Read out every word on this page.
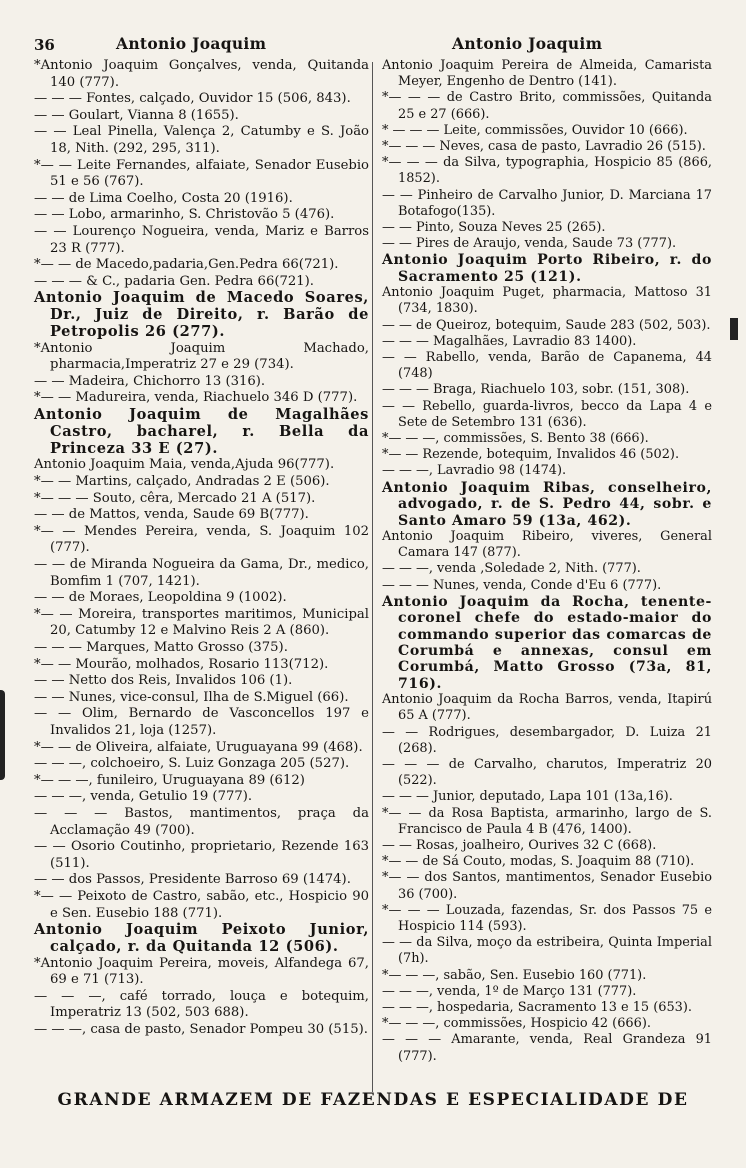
36	Antonio Joaquim	Antonio Joaquim

*Antonio Joaquim Gonçalves, venda, Quitanda 140 (777).

— — — Fontes, calçado, Ouvidor 15 (506, 843).

— — Goulart, Vianna 8 (1655).

— — Leal Pinella, Valença 2, Catumby e S. João 18, Nith. (292, 295, 311).

*— — Leite Fernandes, alfaiate, Senador Eusebio 51 e 56 (767).

— — de Lima Coelho, Costa 20 (1916).

— — Lobo, armarinho, S. Christovão 5 (476).

— — Lourenço Nogueira, venda, Mariz e Barros 23 R (777).

*— — de Macedo,padaria,Gen.Pedra 66(721).

— — — & C., padaria Gen. Pedra 66(721).

Antonio Joaquim de Macedo Soares, Dr., Juiz de Direito, r. Barão de Petropolis 26 (277).

*Antonio Joaquim Machado, pharmacia,Imperatriz 27 e 29 (734).

— — Madeira, Chichorro 13 (316).

*— — Madureira, venda, Riachuelo 346 D (777).

Antonio Joaquim de Magalhães Castro, bacharel, r. Bella da Princeza 33 E (27).

Antonio Joaquim Maia, venda,Ajuda 96(777).

*— — Martins, calçado, Andradas 2 E (506).

*— — — Souto, cêra, Mercado 21 A (517).

— — de Mattos, venda, Saude 69 B(777).

*— — Mendes Pereira, venda, S. Joaquim 102 (777).

— — de Miranda Nogueira da Gama, Dr., medico, Bomfim 1 (707, 1421).

— — de Moraes, Leopoldina 9 (1002).

*— — Moreira, transportes maritimos, Municipal 20, Catumby 12 e Malvino Reis 2 A (860).

— — — Marques, Matto Grosso (375).

*— — Mourão, molhados, Rosario 113(712).

— — Netto dos Reis, Invalidos 106 (1).

— — Nunes, vice-consul, Ilha de S.Miguel (66).

— — Olim, Bernardo de Vasconcellos 197 e Invalidos 21, loja (1257).

*— — de Oliveira, alfaiate, Uruguayana 99 (468).

— — —, colchoeiro, S. Luiz Gonzaga 205 (527).

*— — —, funileiro, Uruguayana 89 (612)

— — —, venda, Getulio 19 (777).

— — — Bastos, mantimentos, praça da Acclamação 49 (700).

— — Osorio Coutinho, proprietario, Rezende 163 (511).

— — dos Passos, Presidente Barroso 69 (1474).

*— — Peixoto de Castro, sabão, etc., Hospicio 90 e Sen. Eusebio 188 (771).

Antonio Joaquim Peixoto Junior, calçado, r. da Quitanda 12 (506).

*Antonio Joaquim Pereira, moveis, Alfandega 67, 69 e 71 (713).

— — —, café torrado, louça e botequim, Imperatriz 13 (502, 503 688).

— — —, casa de pasto, Senador Pompeu 30 (515).

Antonio Joaquim Pereira de Almeida, Camarista Meyer, Engenho de Dentro (141).

*— — — de Castro Brito, commissões, Quitanda 25 e 27 (666).

* — — — Leite, commissões, Ouvidor 10 (666).

*— — — Neves, casa de pasto, Lavradio 26 (515).

*— — — da Silva, typographia, Hospicio 85 (866, 1852).

— — Pinheiro de Carvalho Junior, D. Marciana 17 Botafogo(135).

— — Pinto, Souza Neves 25 (265).

— — Pires de Araujo, venda, Saude 73 (777).

Antonio Joaquim Porto Ribeiro, r. do Sacramento 25 (121).

Antonio Joaquim Puget, pharmacia, Mattoso 31 (734, 1830).

— — de Queiroz, botequim, Saude 283 (502, 503).

— — — Magalhães, Lavradio 83 1400).

— — Rabello, venda, Barão de Capanema, 44 (748)

— — — Braga, Riachuelo 103, sobr. (151, 308).

— — Rebello, guarda-livros, becco da Lapa 4 e Sete de Setembro 131 (636).

*— — —, commissões, S. Bento 38 (666).

*— — Rezende, botequim, Invalidos 46 (502).

— — —, Lavradio 98 (1474).

Antonio Joaquim Ribas, conselheiro, advogado, r. de S. Pedro 44, sobr. e Santo Amaro 59 (13a, 462).

Antonio Joaquim Ribeiro, viveres, General Camara 147 (877).

— — —, venda ,Soledade 2, Nith. (777).

— — — Nunes, venda, Conde d'Eu 6 (777).

Antonio Joaquim da Rocha, tenente-coronel chefe do estado-maior do commando superior das comarcas de Corumbá e annexas, consul em Corumbá, Matto Grosso (73a, 81, 716).

Antonio Joaquim da Rocha Barros, venda, Itapirú 65 A (777).

— — Rodrigues, desembargador, D. Luiza 21 (268).

— — — de Carvalho, charutos, Imperatriz 20 (522).

— — — Junior, deputado, Lapa 101 (13a,16).

*— — da Rosa Baptista, armarinho, largo de S. Francisco de Paula 4 B (476, 1400).

— — Rosas, joalheiro, Ourives 32 C (668).

*— — de Sá Couto, modas, S. Joaquim 88 (710).

*— — dos Santos, mantimentos, Senador Eusebio 36 (700).

*— — — Louzada, fazendas, Sr. dos Passos 75 e Hospicio 114 (593).

— — da Silva, moço da estribeira, Quinta Imperial (7h).

*— — —, sabão, Sen. Eusebio 160 (771).

— — —, venda, 1º de Março 131 (777).

— — —, hospedaria, Sacramento 13 e 15 (653).

*— — —, commissões, Hospicio 42 (666).

— — — Amarante, venda, Real Grandeza 91 (777).

GRANDE ARMAZEM DE FAZENDAS E ESPECIALIDADE DE
